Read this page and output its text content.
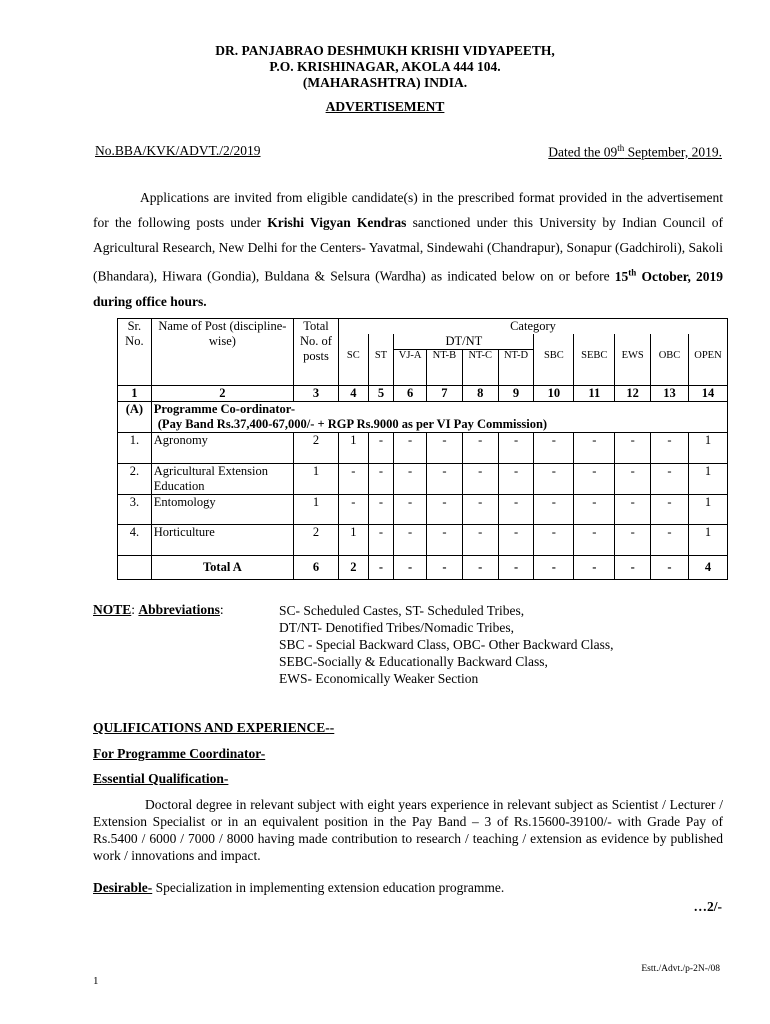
DR. PANJABRAO DESHMUKH KRISHI VIDYAPEETH,
P.O. KRISHINAGAR, AKOLA 444 104.
(MAHARASHTRA) INDIA.
ADVERTISEMENT
No.BBA/KVK/ADVT./2/2019	Dated the 09th September, 2019.
Applications are invited from eligible candidate(s) in the prescribed format provided in the advertisement for the following posts under Krishi Vigyan Kendras sanctioned under this University by Indian Council of Agricultural Research, New Delhi for the Centers- Yavatmal, Sindewahi (Chandrapur), Sonapur (Gadchiroli), Sakoli (Bhandara), Hiwara (Gondia), Buldana & Selsura (Wardha) as indicated below on or before 15th October, 2019 during office hours.
Sr. No.	Name of Post (discipline-wise)	Total No. of posts	Category										
					DT/NT								
			SC	ST	VJ-A	NT-B	NT-C	NT-D	SBC	SEBC	EWS	OBC	OPEN
1	2	3	4	5	6	7	8	9	10	11	12	13	14
(A)	Programme Co-ordinator-
(Pay Band Rs.37,400-67,000/- + RGP Rs.9000 as per VI Pay Commission)												

1.	Agronomy	2	1	-	-	-	-	-	-	-	-	-	1
2.	Agricultural Extension Education	1	-	-	-	-	-	-	-	-	-	-	1
3.	Entomology	1	-	-	-	-	-	-	-	-	-	-	1
4.	Horticulture	2	1	-	-	-	-	-	-	-	-	-	1
	Total A	6	2	-	-	-	-	-	-	-	-	-	4
NOTE: Abbreviations:	SC- Scheduled Castes, ST- Scheduled Tribes,
DT/NT- Denotified Tribes/Nomadic Tribes,
SBC - Special Backward Class, OBC- Other Backward Class,
SEBC-Socially & Educationally Backward Class,
EWS- Economically Weaker Section
QULIFICATIONS AND EXPERIENCE--
For Programme Coordinator-
Essential Qualification-
Doctoral degree in relevant subject with eight years experience in relevant subject as Scientist / Lecturer / Extension Specialist or in an equivalent position in the Pay Band – 3 of Rs.15600-39100/- with Grade Pay of Rs.5400 / 6000 / 7000 / 8000 having made contribution to research / teaching / extension as evidence by published work / innovations and impact.
Desirable- Specialization in implementing extension education programme.
…2/-
Estt./Advt./p-2N-/08
1
